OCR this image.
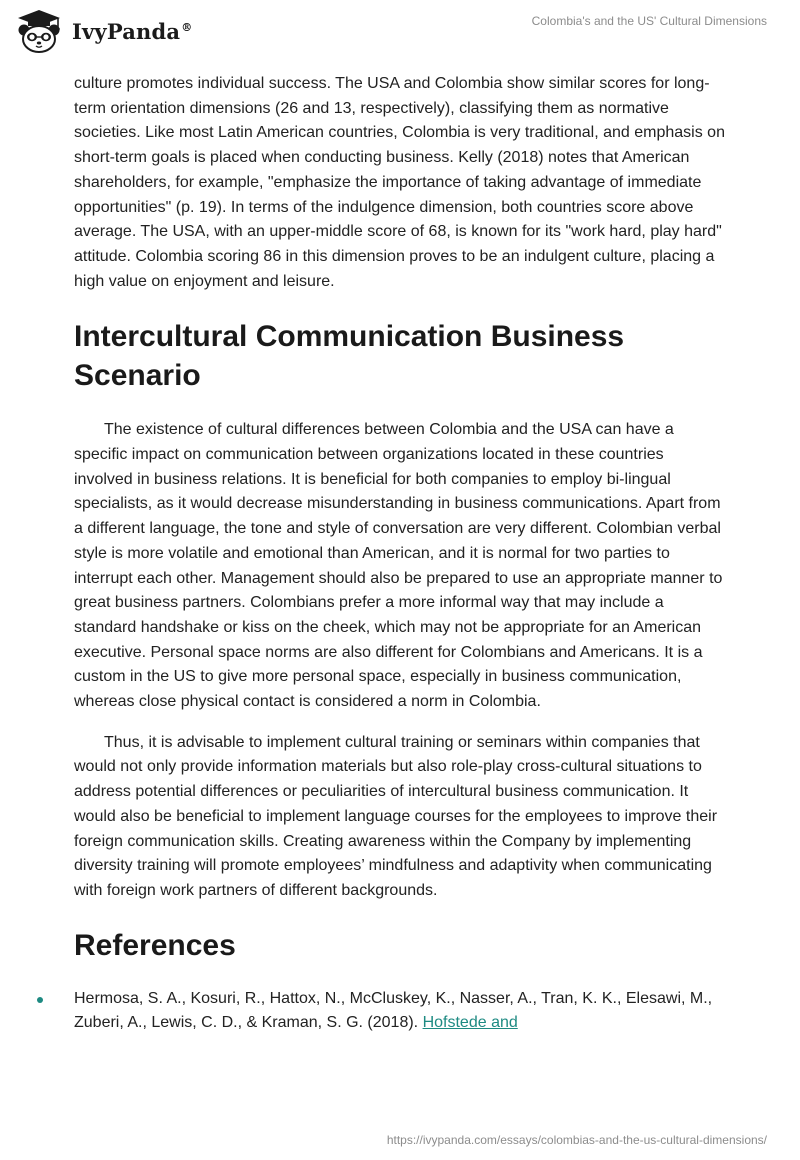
IvyPanda®	Colombia's and the US' Cultural Dimensions

culture promotes individual success. The USA and Colombia show similar scores for long-term orientation dimensions (26 and 13, respectively), classifying them as normative societies. Like most Latin American countries, Colombia is very traditional, and emphasis on short-term goals is placed when conducting business. Kelly (2018) notes that American shareholders, for example, "emphasize the importance of taking advantage of immediate opportunities" (p. 19). In terms of the indulgence dimension, both countries score above average. The USA, with an upper-middle score of 68, is known for its "work hard, play hard" attitude. Colombia scoring 86 in this dimension proves to be an indulgent culture, placing a high value on enjoyment and leisure.

Intercultural Communication Business Scenario

The existence of cultural differences between Colombia and the USA can have a specific impact on communication between organizations located in these countries involved in business relations. It is beneficial for both companies to employ bi-lingual specialists, as it would decrease misunderstanding in business communications. Apart from a different language, the tone and style of conversation are very different. Colombian verbal style is more volatile and emotional than American, and it is normal for two parties to interrupt each other. Management should also be prepared to use an appropriate manner to great business partners. Colombians prefer a more informal way that may include a standard handshake or kiss on the cheek, which may not be appropriate for an American executive. Personal space norms are also different for Colombians and Americans. It is a custom in the US to give more personal space, especially in business communication, whereas close physical contact is considered a norm in Colombia.

Thus, it is advisable to implement cultural training or seminars within companies that would not only provide information materials but also role-play cross-cultural situations to address potential differences or peculiarities of intercultural business communication. It would also be beneficial to implement language courses for the employees to improve their foreign communication skills. Creating awareness within the Company by implementing diversity training will promote employees’ mindfulness and adaptivity when communicating with foreign work partners of different backgrounds.

References
Hermosa, S. A., Kosuri, R., Hattox, N., McCluskey, K., Nasser, A., Tran, K. K., Elesawi, M., Zuberi, A., Lewis, C. D., & Kraman, S. G. (2018). Hofstede and
https://ivypanda.com/essays/colombias-and-the-us-cultural-dimensions/
